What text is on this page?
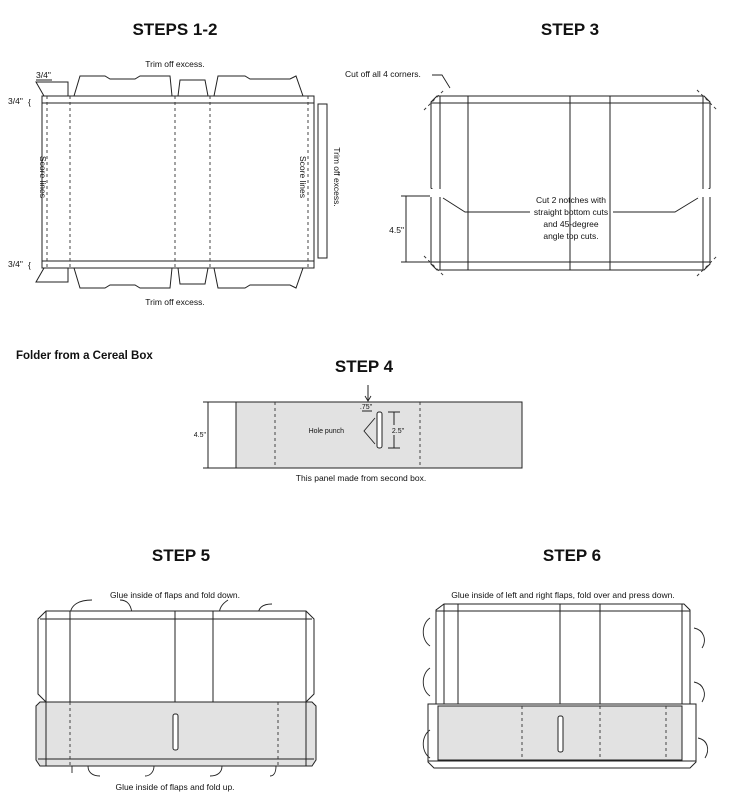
STEPS 1-2
Trim off excess.
Trim off excess.
3/4"
3/4" {
3/4" {
Score lines	Score lines	Trim off excess.
STEP 3
Cut off all 4 corners.
Cut 2 notches with
straight bottom cuts
and 45-degree
angle top cuts.
4.5"
Folder from a Cereal Box
STEP 4
4.5"
.75"
2.5"
Hole punch
This panel made from second box.
STEP 5
Glue inside of flaps and fold down.
Glue inside of flaps and fold up.
STEP 6
Glue inside of left and right flaps, fold over and press down.
